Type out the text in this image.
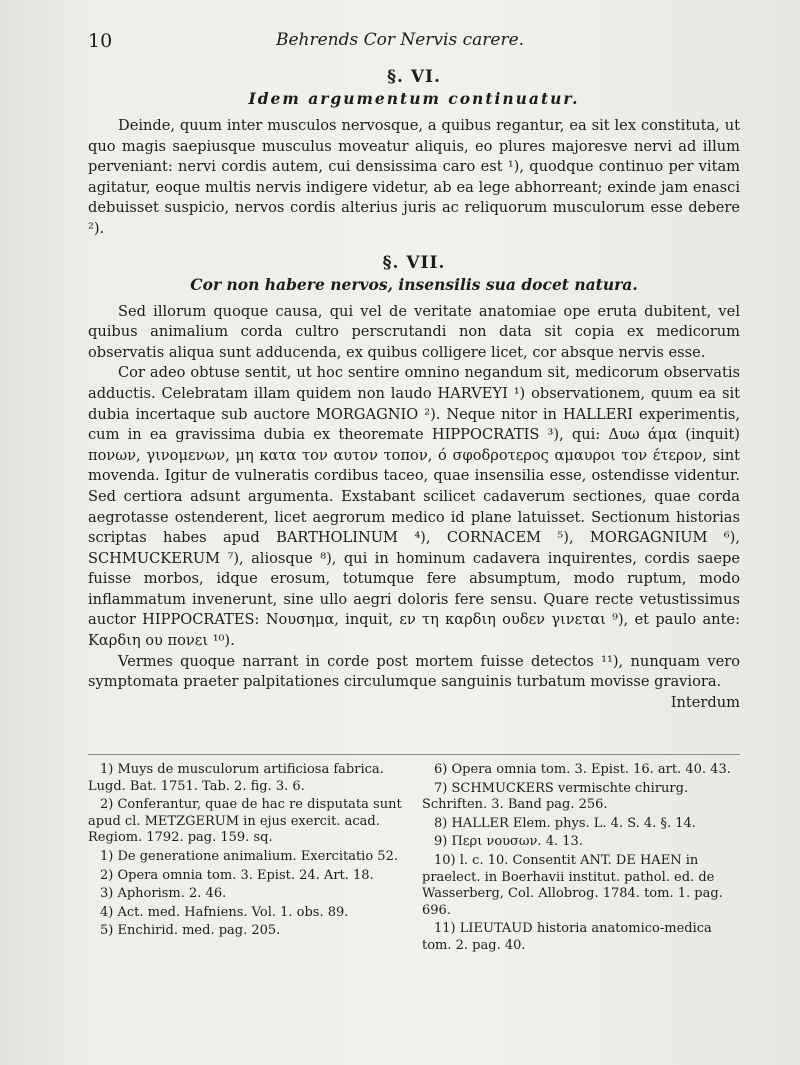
10	Behrends Cor Nervis carere.
§. VI.
Idem argumentum continuatur.

Deinde, quum inter musculos nervosque, a quibus regantur, ea sit lex constituta, ut quo magis saepiusque musculus moveatur aliquis, eo plures majoresve nervi ad illum perveniant: nervi cordis autem, cui densissima caro est ¹), quodque continuo per vitam agitatur, eoque multis nervis indigere videtur, ab ea lege abhorreant; exinde jam enasci debuisset suspicio, nervos cordis alterius juris ac reliquorum musculorum esse debere ²).

§. VII.
Cor non habere nervos, insensilis sua docet natura.

Sed illorum quoque causa, qui vel de veritate anatomiae ope eruta dubitent, vel quibus animalium corda cultro perscrutandi non data sit copia ex medicorum observatis aliqua sunt adducenda, ex quibus colligere licet, cor absque nervis esse.

Cor adeo obtuse sentit, ut hoc sentire omnino negandum sit, medicorum observatis adductis. Celebratam illam quidem non laudo HARVEYI ¹) observationem, quum ea sit dubia incertaque sub auctore MORGAGNIO ²). Neque nitor in HALLERI experimentis, cum in ea gravissima dubia ex theoremate HIPPOCRATIS ³), qui: Δυω άμα (inquit) πονων, γινομενων, μη κατα τον αυτον τοπον, ό σφοδροτερος αμαυροι τον έτερον, sint movenda. Igitur de vulneratis cordibus taceo, quae insensilia esse, ostendisse videntur. Sed certiora adsunt argumenta. Exstabant scilicet cadaverum sectiones, quae corda aegrotasse ostenderent, licet aegrorum medico id plane latuisset. Sectionum historias scriptas habes apud BARTHOLINUM ⁴), CORNACEM ⁵), MORGAGNIUM ⁶), SCHMUCKERUM ⁷), aliosque ⁸), qui in hominum cadavera inquirentes, cordis saepe fuisse morbos, idque erosum, totumque fere absumptum, modo ruptum, modo inflammatum invenerunt, sine ullo aegri doloris fere sensu. Quare recte vetustissimus auctor HIPPOCRATES: Νουσημα, inquit, εν τη καρδιη ουδεν γινεται ⁹), et paulo ante: Καρδιη ου πονει ¹⁰).

Vermes quoque narrant in corde post mortem fuisse detectos ¹¹), nunquam vero symptomata praeter palpitationes circulumque sanguinis turbatum movisse graviora.

Interdum

1) Muys de musculorum artificiosa fabrica. Lugd. Bat. 1751. Tab. 2. fig. 3. 6.

2) Conferantur, quae de hac re disputata sunt apud cl. METZGERUM in ejus exercit. acad. Regiom. 1792. pag. 159. sq.

1) De generatione animalium. Exercitatio 52.

2) Opera omnia tom. 3. Epist. 24. Art. 18.

3) Aphorism. 2. 46.

4) Act. med. Hafniens. Vol. 1. obs. 89.

5) Enchirid. med. pag. 205.

6) Opera omnia tom. 3. Epist. 16. art. 40. 43.

7) SCHMUCKERS vermischte chirurg. Schriften. 3. Band pag. 256.

8) HALLER Elem. phys. L. 4. S. 4. §. 14.

9) Περι νουσων. 4. 13.

10) l. c. 10. Consentit ANT. DE HAEN in praelect. in Boerhavii institut. pathol. ed. de Wasserberg, Col. Allobrog. 1784. tom. 1. pag. 696.

11) LIEUTAUD historia anatomico-medica tom. 2. pag. 40.
